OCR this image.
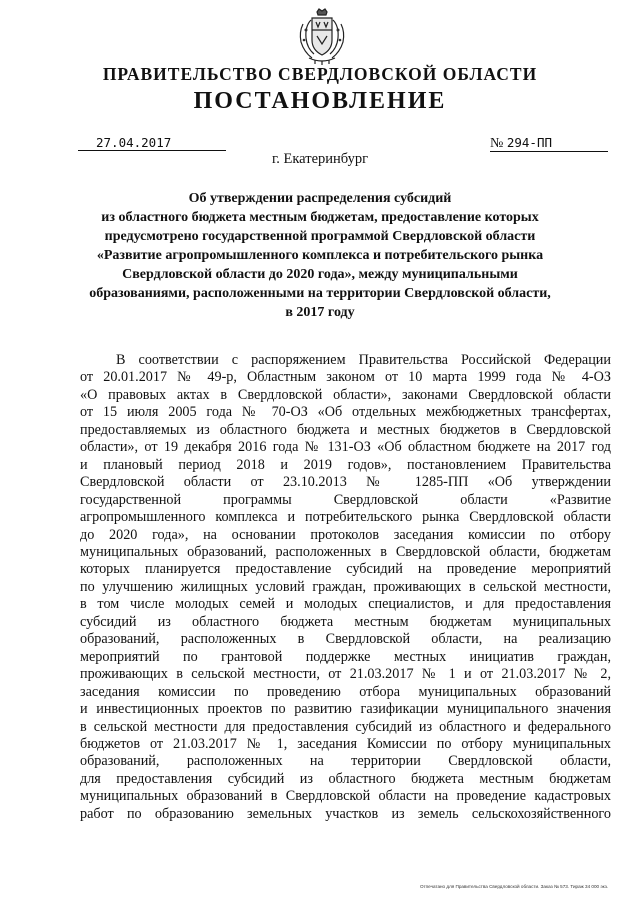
ПРАВИТЕЛЬСТВО СВЕРДЛОВСКОЙ ОБЛАСТИ
ПОСТАНОВЛЕНИЕ
27.04.2017	№ 294-ПП
г. Екатеринбург
Об утверждении распределения субсидий
из областного бюджета местным бюджетам, предоставление которых
предусмотрено государственной программой Свердловской области
«Развитие агропромышленного комплекса и потребительского рынка
Свердловской области до 2020 года», между муниципальными
образованиями, расположенными на территории Свердловской области,
в 2017 году
В соответствии с распоряжением Правительства Российской Федерации
от 20.01.2017 № 49-р, Областным законом от 10 марта 1999 года № 4-ОЗ
«О правовых актах в Свердловской области», законами Свердловской области
от 15 июля 2005 года № 70-ОЗ «Об отдельных межбюджетных трансфертах,
предоставляемых из областного бюджета и местных бюджетов в Свердловской
области», от 19 декабря 2016 года № 131-ОЗ «Об областном бюджете на 2017 год
и плановый период 2018 и 2019 годов», постановлением Правительства
Свердловской области от 23.10.2013 № 1285-ПП «Об утверждении
государственной программы Свердловской области «Развитие
агропромышленного комплекса и потребительского рынка Свердловской области
до 2020 года», на основании протоколов заседания комиссии по отбору
муниципальных образований, расположенных в Свердловской области, бюджетам
которых планируется предоставление субсидий на проведение мероприятий
по улучшению жилищных условий граждан, проживающих в сельской местности,
в том числе молодых семей и молодых специалистов, и для предоставления
субсидий из областного бюджета местным бюджетам муниципальных
образований, расположенных в Свердловской области, на реализацию
мероприятий по грантовой поддержке местных инициатив граждан,
проживающих в сельской местности, от 21.03.2017 № 1 и от 21.03.2017 № 2,
заседания комиссии по проведению отбора муниципальных образований
и инвестиционных проектов по развитию газификации муниципального значения
в сельской местности для предоставления субсидий из областного и федерального
бюджетов от 21.03.2017 № 1, заседания Комиссии по отбору муниципальных
образований, расположенных на территории Свердловской области,
для предоставления субсидий из областного бюджета местным бюджетам
муниципальных образований в Свердловской области на проведение кадастровых
работ по образованию земельных участков из земель сельскохозяйственного
Отпечатано для Правительства Свердловской области. Заказ № 573. Тираж 34 000 экз.
